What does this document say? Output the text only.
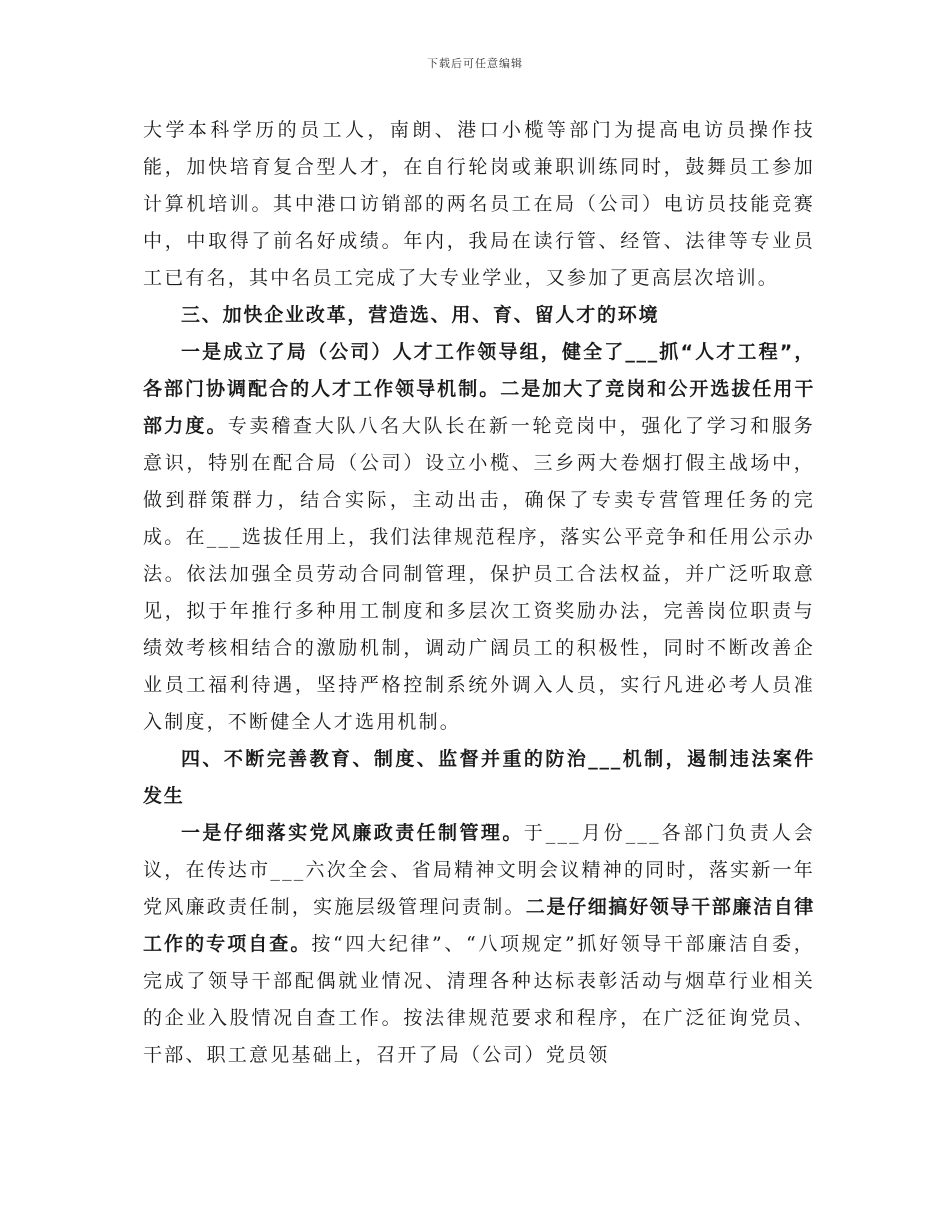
下载后可任意编辑

大学本科学历的员工人，南朗、港口小榄等部门为提高电访员操作技能，加快培育复合型人才，在自行轮岗或兼职训练同时，鼓舞员工参加计算机培训。其中港口访销部的两名员工在局（公司）电访员技能竞赛中，中取得了前名好成绩。年内，我局在读行管、经管、法律等专业员工已有名，其中名员工完成了大专业学业，又参加了更高层次培训。

三、加快企业改革，营造选、用、育、留人才的环境

一是成立了局（公司）人才工作领导组，健全了___抓“人才工程”，各部门协调配合的人才工作领导机制。二是加大了竞岗和公开选拔任用干部力度。专卖稽查大队八名大队长在新一轮竞岗中，强化了学习和服务意识，特别在配合局（公司）设立小榄、三乡两大卷烟打假主战场中，做到群策群力，结合实际，主动出击，确保了专卖专营管理任务的完成。在___选拔任用上，我们法律规范程序，落实公平竞争和任用公示办法。依法加强全员劳动合同制管理，保护员工合法权益，并广泛听取意见，拟于年推行多种用工制度和多层次工资奖励办法，完善岗位职责与绩效考核相结合的激励机制，调动广阔员工的积极性，同时不断改善企业员工福利待遇，坚持严格控制系统外调入人员，实行凡进必考人员准入制度，不断健全人才选用机制。

四、不断完善教育、制度、监督并重的防治___机制，遏制违法案件发生

一是仔细落实党风廉政责任制管理。于___月份___各部门负责人会议，在传达市___六次全会、省局精神文明会议精神的同时，落实新一年党风廉政责任制，实施层级管理问责制。二是仔细搞好领导干部廉洁自律工作的专项自查。按“四大纪律”、“八项规定”抓好领导干部廉洁自委，完成了领导干部配偶就业情况、清理各种达标表彰活动与烟草行业相关的企业入股情况自查工作。按法律规范要求和程序，在广泛征询党员、干部、职工意见基础上，召开了局（公司）党员领
